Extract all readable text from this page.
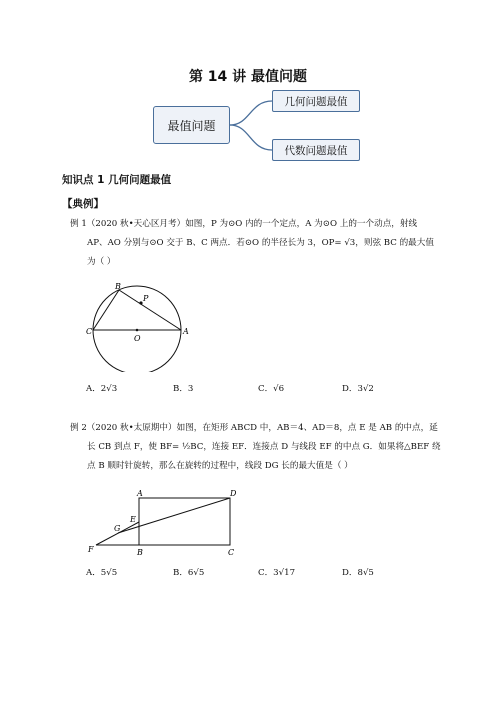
第 14 讲 最值问题
最值问题
几何问题最值
代数问题最值
知识点 1 几何问题最值
【典例】
例 1（2020 秋•天心区月考）如图，P 为⊙O 内的一个定点，A 为⊙O 上的一个动点，射线
AP、AO 分别与⊙O 交于 B、C 两点．若⊙O 的半径长为 3，OP= √3，则弦 BC 的最大值
为（ ）
B
P
C
O
A
A．2√3	B．3	C．√6	D．3√2
例 2（2020 秋•太原期中）如图，在矩形 ABCD 中，AB＝4、AD＝8，点 E 是 AB 的中点，延
长 CB 到点 F，使 BF= ½BC，连接 EF．连接点 D 与线段 EF 的中点 G．如果将△BEF 绕
点 B 顺时针旋转，那么在旋转的过程中，线段 DG 长的最大值是（ ）
A	D
E
G
F	B	C
A．5√5	B．6√5	C．3√17	D．8√5
